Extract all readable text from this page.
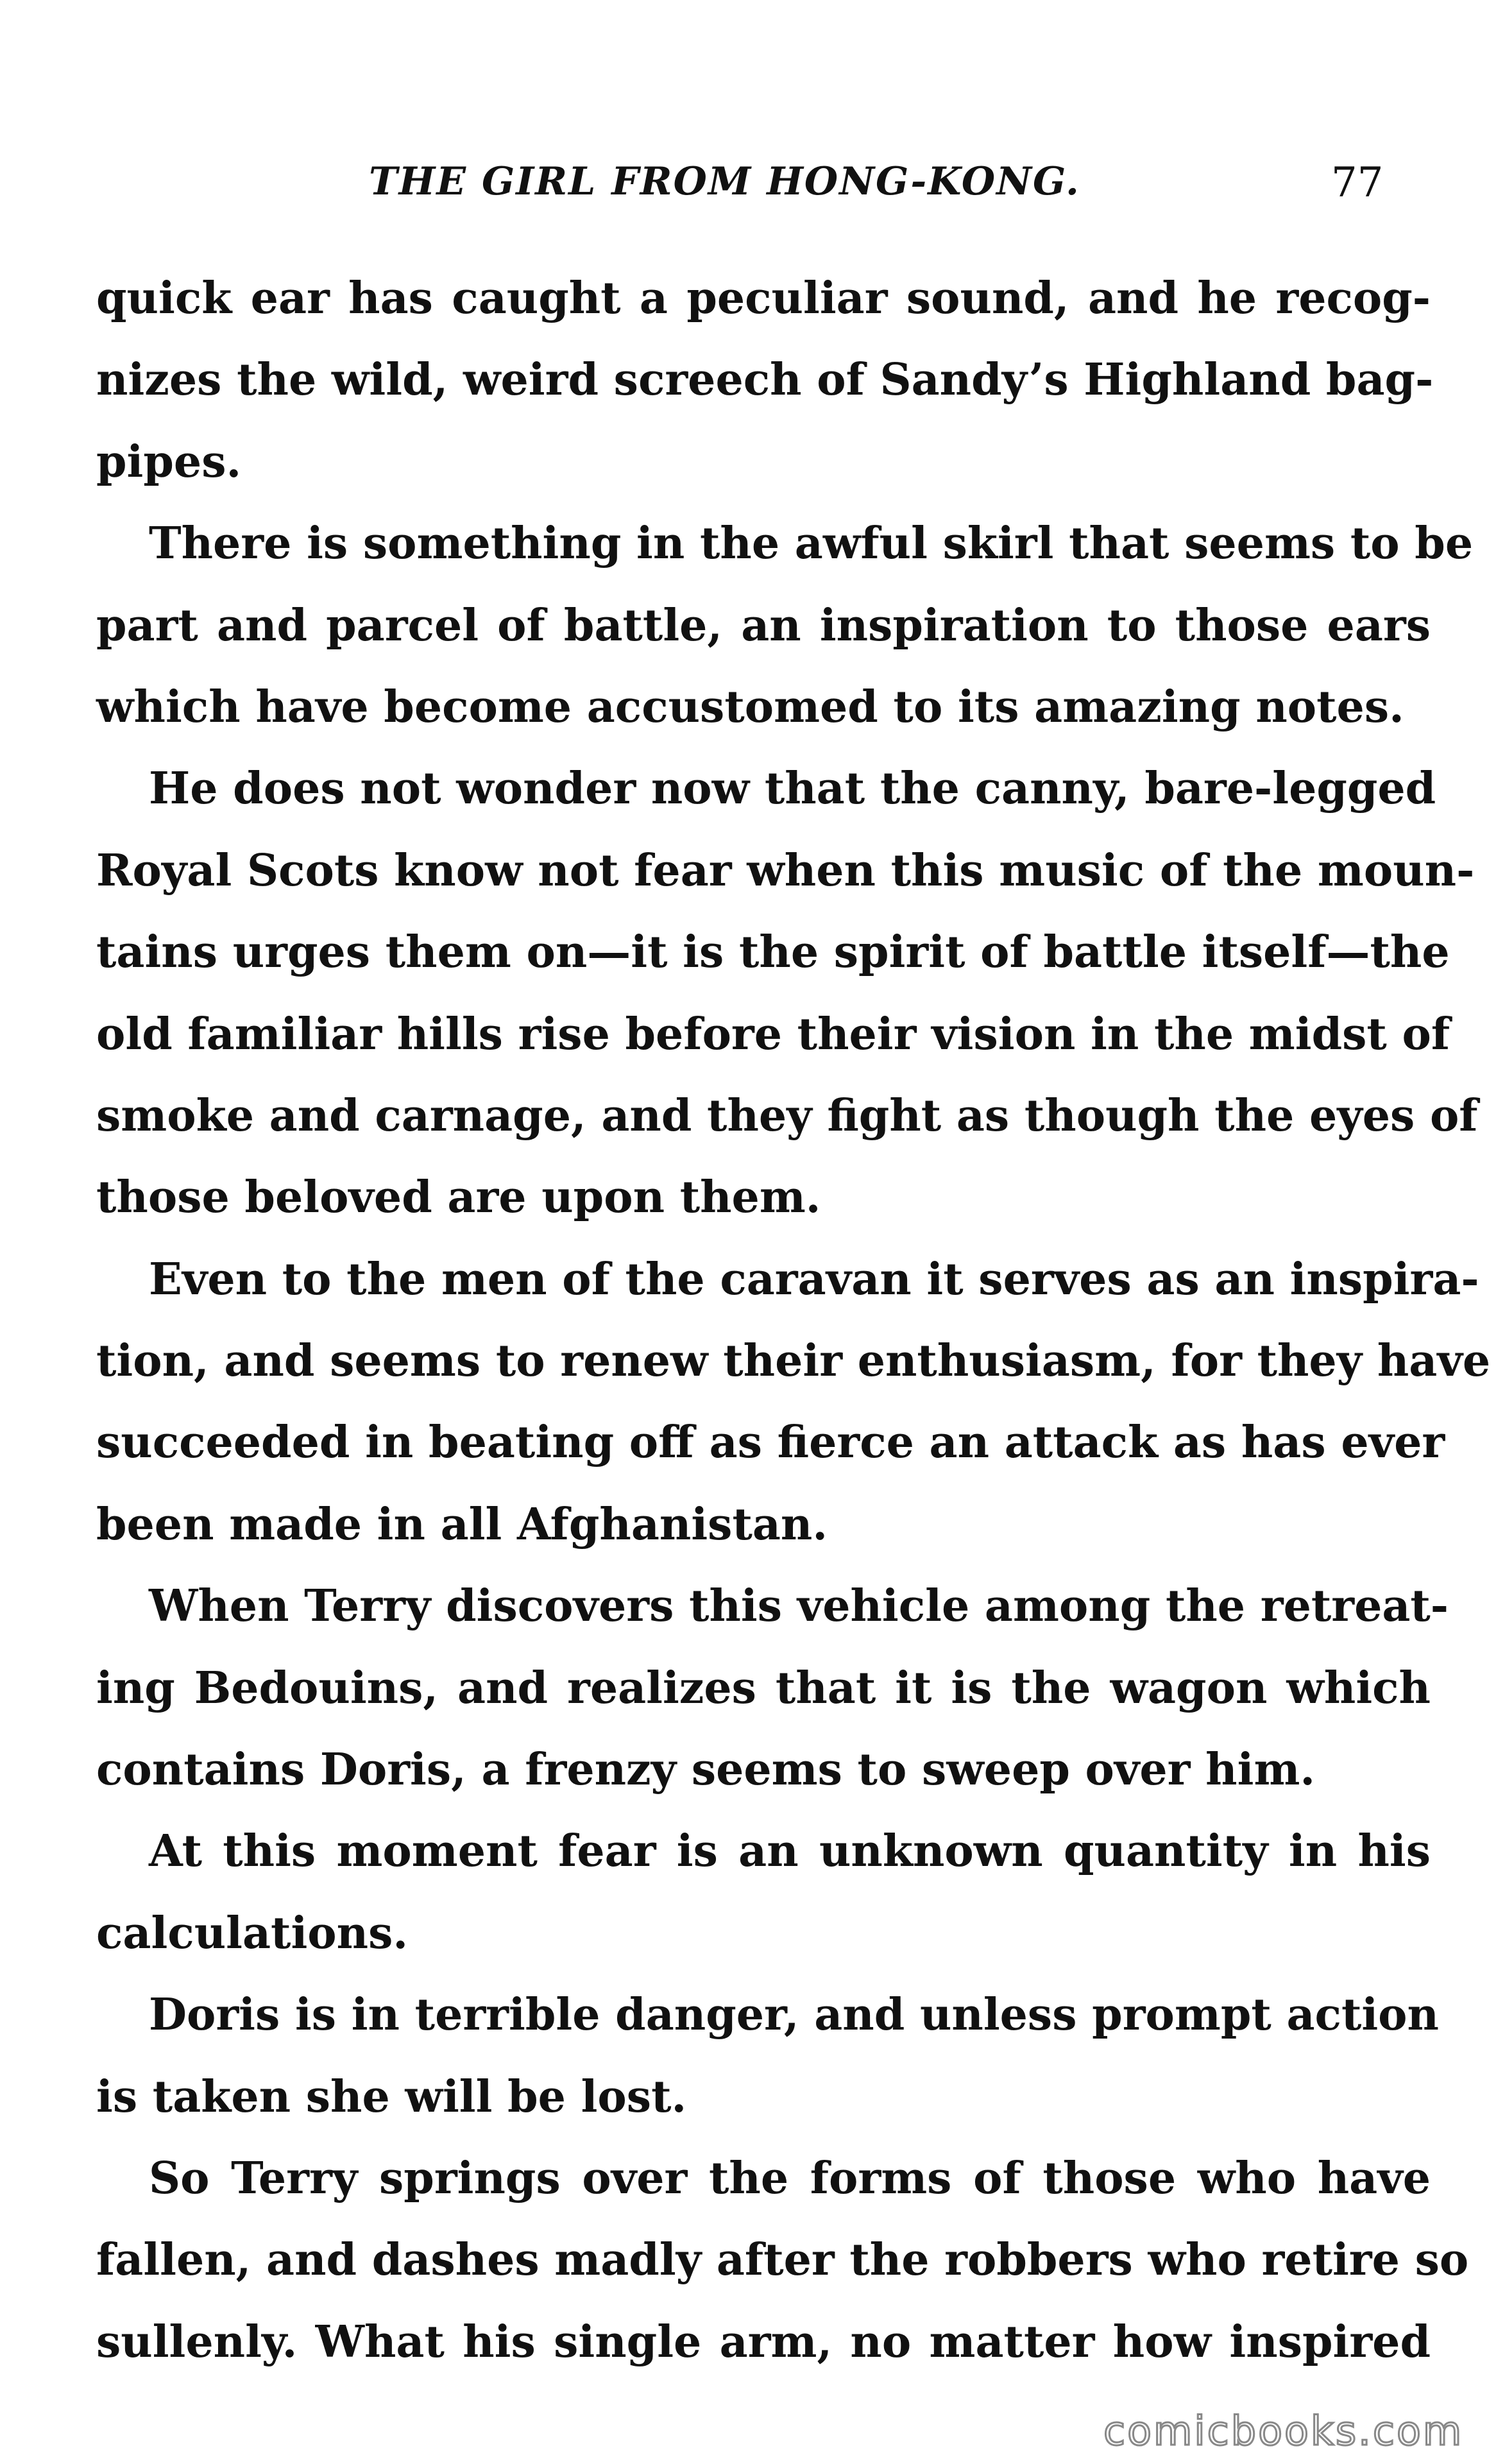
THE GIRL FROM HONG-KONG.	77
quick ear has caught a peculiar sound, and he recog-
nizes the wild, weird screech of Sandy’s Highland bag-
pipes.
There is something in the awful skirl that seems to be
part and parcel of battle, an inspiration to those ears
which have become accustomed to its amazing notes.
He does not wonder now that the canny, bare-legged
Royal Scots know not fear when this music of the moun-
tains urges them on—it is the spirit of battle itself—the
old familiar hills rise before their vision in the midst of
smoke and carnage, and they fight as though the eyes of
those beloved are upon them.
Even to the men of the caravan it serves as an inspira-
tion, and seems to renew their enthusiasm, for they have
succeeded in beating off as fierce an attack as has ever
been made in all Afghanistan.
When Terry discovers this vehicle among the retreat-
ing Bedouins, and realizes that it is the wagon which
contains Doris, a frenzy seems to sweep over him.
At this moment fear is an unknown quantity in his
calculations.
Doris is in terrible danger, and unless prompt action
is taken she will be lost.
So Terry springs over the forms of those who have
fallen, and dashes madly after the robbers who retire so
sullenly. What his single arm, no matter how inspired
comicbooks.com
